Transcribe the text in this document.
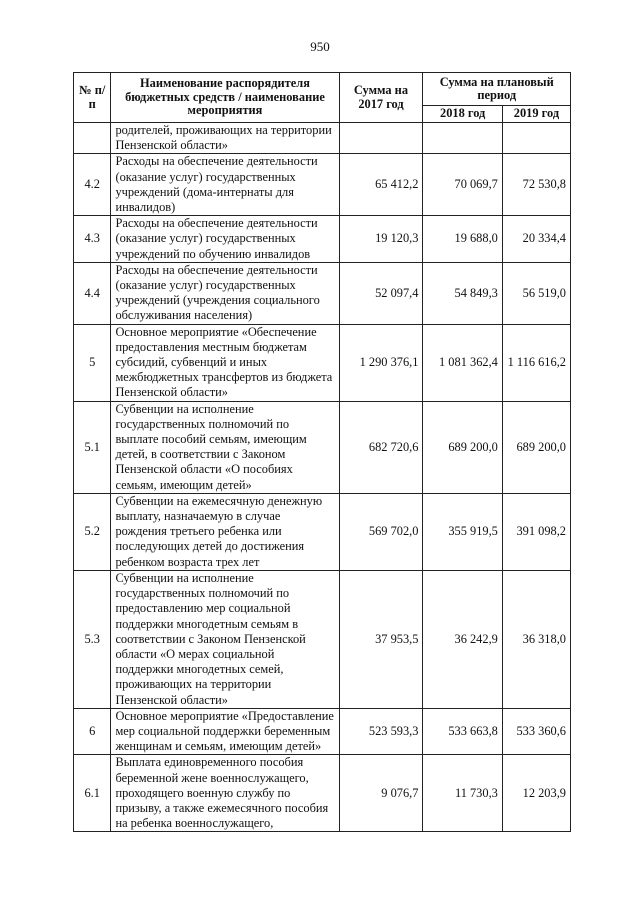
950
№ п/п	Наименование распорядителя бюджетных средств / наименование мероприятия	Сумма на 2017 год	Сумма на плановый период	
			2018 год	2019 год
	родителей, проживающих на территории Пензенской области»			
4.2	Расходы на обеспечение деятельности (оказание услуг) государственных учреждений (дома-интернаты для инвалидов)	65 412,2	70 069,7	72 530,8
4.3	Расходы на обеспечение деятельности (оказание услуг) государственных учреждений по обучению инвалидов	19 120,3	19 688,0	20 334,4
4.4	Расходы на обеспечение деятельности (оказание услуг) государственных учреждений (учреждения социального обслуживания населения)	52 097,4	54 849,3	56 519,0
5	Основное мероприятие «Обеспечение предоставления местным бюджетам субсидий, субвенций и иных межбюджетных трансфертов из бюджета Пензенской области»	1 290 376,1	1 081 362,4	1 116 616,2
5.1	Субвенции на исполнение государственных полномочий по выплате пособий семьям, имеющим детей, в соответствии с Законом Пензенской области «О пособиях семьям, имеющим детей»	682 720,6	689 200,0	689 200,0
5.2	Субвенции на ежемесячную денежную выплату, назначаемую в случае рождения третьего ребенка или последующих детей до достижения ребенком возраста трех лет	569 702,0	355 919,5	391 098,2
5.3	Субвенции на исполнение государственных полномочий по предоставлению мер социальной поддержки многодетным семьям в соответствии с Законом Пензенской области «О мерах социальной поддержки многодетных семей, проживающих на территории Пензенской области»	37 953,5	36 242,9	36 318,0
6	Основное мероприятие «Предоставление мер социальной поддержки беременным женщинам и семьям, имеющим детей»	523 593,3	533 663,8	533 360,6
6.1	Выплата единовременного пособия беременной жене военнослужащего, проходящего военную службу по призыву, а также ежемесячного пособия на ребенка военнослужащего,	9 076,7	11 730,3	12 203,9
